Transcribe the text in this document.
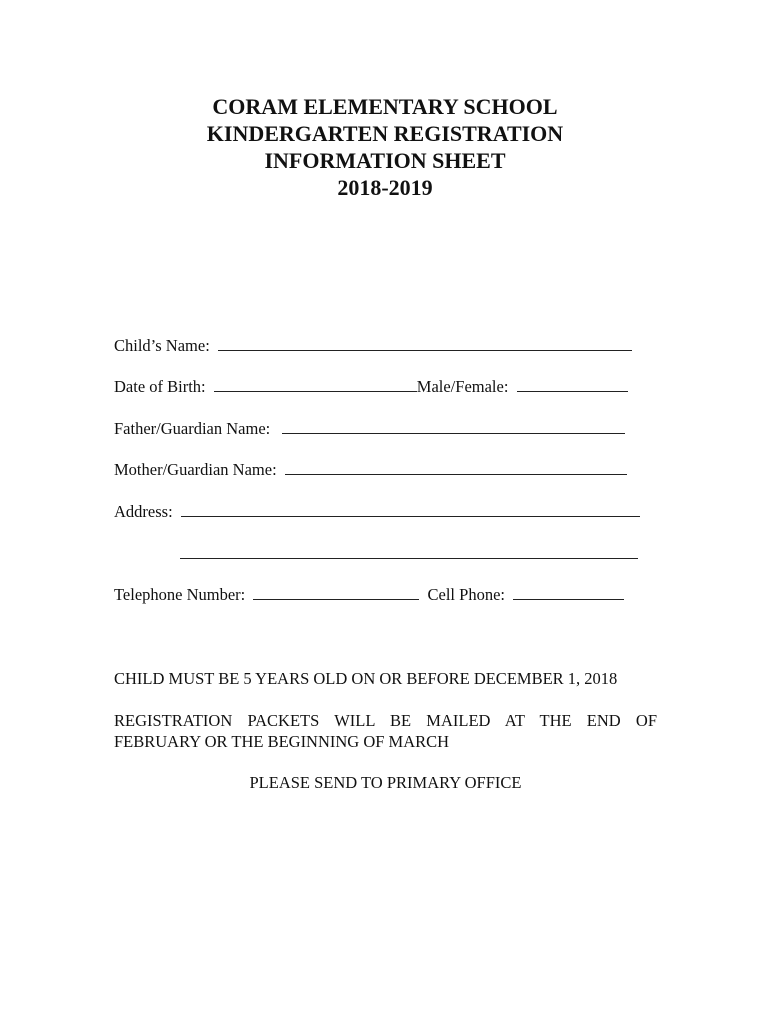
CORAM ELEMENTARY SCHOOL
KINDERGARTEN REGISTRATION
INFORMATION SHEET
2018-2019
Child’s Name:
Date of Birth:	Male/Female:
Father/Guardian Name:
Mother/Guardian Name:
Address:
Telephone Number:	Cell Phone:
CHILD MUST BE 5 YEARS OLD ON OR BEFORE DECEMBER 1, 2018
REGISTRATION PACKETS WILL BE MAILED AT THE END OF FEBRUARY OR THE BEGINNING OF MARCH
PLEASE SEND TO PRIMARY OFFICE
